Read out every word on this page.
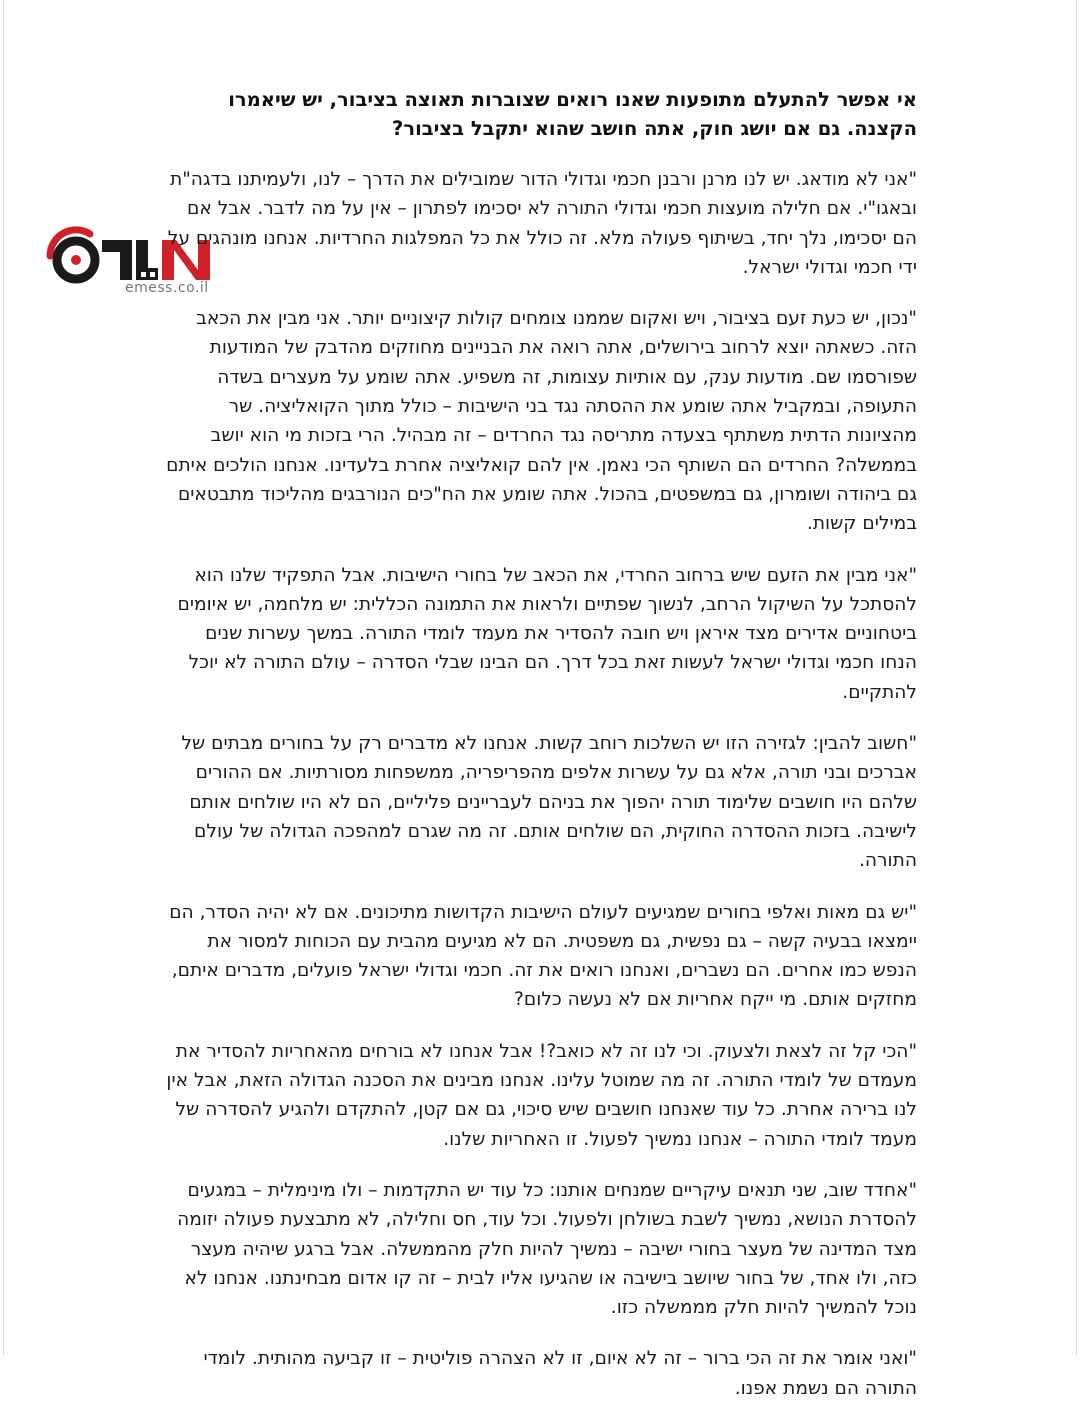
emess.co.il

אי אפשר להתעלם מתופעות שאנו רואים שצוברות תאוצה בציבור, יש שיאמרו הקצנה. גם אם יושג חוק, אתה חושב שהוא יתקבל בציבור?

"אני לא מודאג. יש לנו מרנן ורבנן חכמי וגדולי הדור שמובילים את הדרך – לנו, ולעמיתנו בדגה"ת ובאגו"י. אם חלילה מועצות חכמי וגדולי התורה לא יסכימו לפתרון – אין על מה לדבר. אבל אם הם יסכימו, נלך יחד, בשיתוף פעולה מלא. זה כולל את כל המפלגות החרדיות. אנחנו מונהגים על ידי חכמי וגדולי ישראל.

"נכון, יש כעת זעם בציבור, ויש ואקום שממנו צומחים קולות קיצוניים יותר. אני מבין את הכאב הזה. כשאתה יוצא לרחוב בירושלים, אתה רואה את הבניינים מחוזקים מהדבק של המודעות שפורסמו שם. מודעות ענק, עם אותיות עצומות, זה משפיע. אתה שומע על מעצרים בשדה התעופה, ובמקביל אתה שומע את ההסתה נגד בני הישיבות – כולל מתוך הקואליציה. שר מהציונות הדתית משתתף בצעדה מתריסה נגד החרדים – זה מבהיל. הרי בזכות מי הוא יושב בממשלה? החרדים הם השותף הכי נאמן. אין להם קואליציה אחרת בלעדינו. אנחנו הולכים איתם גם ביהודה ושומרון, גם במשפטים, בהכול. אתה שומע את הח"כים הנורבגים מהליכוד מתבטאים במילים קשות.

"אני מבין את הזעם שיש ברחוב החרדי, את הכאב של בחורי הישיבות. אבל התפקיד שלנו הוא להסתכל על השיקול הרחב, לנשוך שפתיים ולראות את התמונה הכללית: יש מלחמה, יש איומים ביטחוניים אדירים מצד איראן ויש חובה להסדיר את מעמד לומדי התורה. במשך עשרות שנים הנחו חכמי וגדולי ישראל לעשות זאת בכל דרך. הם הבינו שבלי הסדרה – עולם התורה לא יוכל להתקיים.

"חשוב להבין: לגזירה הזו יש השלכות רוחב קשות. אנחנו לא מדברים רק על בחורים מבתים של אברכים ובני תורה, אלא גם על עשרות אלפים מהפריפריה, ממשפחות מסורתיות. אם ההורים שלהם היו חושבים שלימוד תורה יהפוך את בניהם לעבריינים פליליים, הם לא היו שולחים אותם לישיבה. בזכות ההסדרה החוקית, הם שולחים אותם. זה מה שגרם למהפכה הגדולה של עולם התורה.

"יש גם מאות ואלפי בחורים שמגיעים לעולם הישיבות הקדושות מתיכונים. אם לא יהיה הסדר, הם יימצאו בבעיה קשה – גם נפשית, גם משפטית. הם לא מגיעים מהבית עם הכוחות למסור את הנפש כמו אחרים. הם נשברים, ואנחנו רואים את זה. חכמי וגדולי ישראל פועלים, מדברים איתם, מחזקים אותם. מי ייקח אחריות אם לא נעשה כלום?

"הכי קל זה לצאת ולצעוק. וכי לנו זה לא כואב?! אבל אנחנו לא בורחים מהאחריות להסדיר את מעמדם של לומדי התורה. זה מה שמוטל עלינו. אנחנו מבינים את הסכנה הגדולה הזאת, אבל אין לנו ברירה אחרת. כל עוד שאנחנו חושבים שיש סיכוי, גם אם קטן, להתקדם ולהגיע להסדרה של מעמד לומדי התורה – אנחנו נמשיך לפעול. זו האחריות שלנו.

"אחדד שוב, שני תנאים עיקריים שמנחים אותנו: כל עוד יש התקדמות – ולו מינימלית – במגעים להסדרת הנושא, נמשיך לשבת בשולחן ולפעול. וכל עוד, חס וחלילה, לא מתבצעת פעולה יזומה מצד המדינה של מעצר בחורי ישיבה – נמשיך להיות חלק מהממשלה. אבל ברגע שיהיה מעצר כזה, ולו אחד, של בחור שיושב בישיבה או שהגיעו אליו לבית – זה קו אדום מבחינתנו. אנחנו לא נוכל להמשיך להיות חלק מממשלה כזו.

"ואני אומר את זה הכי ברור – זה לא איום, זו לא הצהרה פוליטית – זו קביעה מהותית. לומדי התורה הם נשמת אפנו.
